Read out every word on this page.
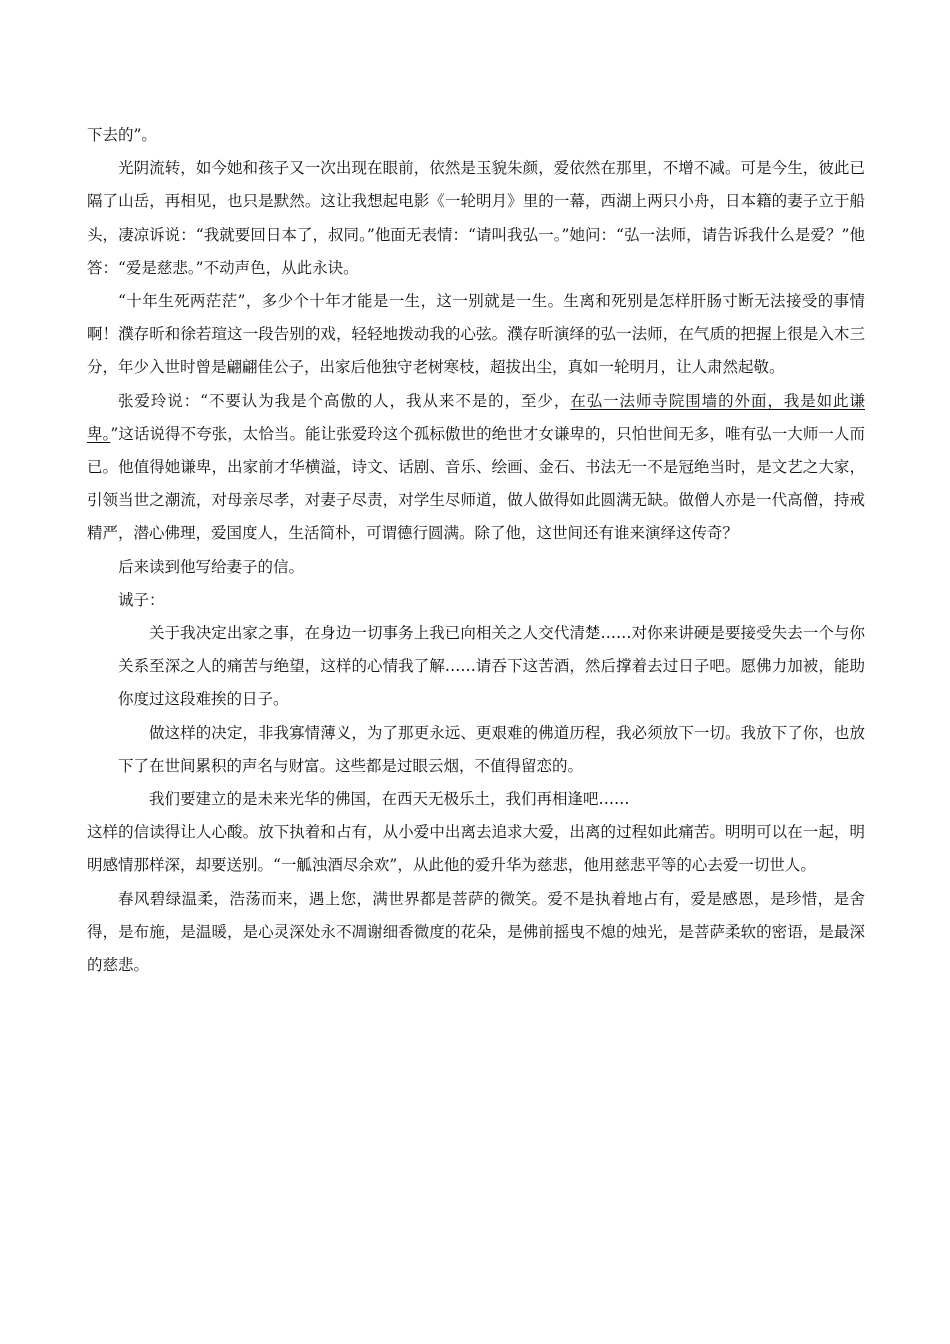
下去的”。

光阴流转，如今她和孩子又一次出现在眼前，依然是玉貌朱颜，爱依然在那里，不增不减。可是今生，彼此已隔了山岳，再相见，也只是默然。这让我想起电影《一轮明月》里的一幕，西湖上两只小舟，日本籍的妻子立于船头，凄凉诉说：“我就要回日本了，叔同。”他面无表情：“请叫我弘一。”她问：“弘一法师，请告诉我什么是爱？”他答：“爱是慈悲。”不动声色，从此永诀。

“十年生死两茫茫”，多少个十年才能是一生，这一别就是一生。生离和死别是怎样肝肠寸断无法接受的事情啊！濮存昕和徐若瑄这一段告别的戏，轻轻地拨动我的心弦。濮存昕演绎的弘一法师，在气质的把握上很是入木三分，年少入世时曾是翩翩佳公子，出家后他独守老树寒枝，超拔出尘，真如一轮明月，让人肃然起敬。

张爱玲说：“不要认为我是个高傲的人，我从来不是的，至少，在弘一法师寺院围墙的外面，我是如此谦卑。”这话说得不夸张，太恰当。能让张爱玲这个孤标傲世的绝世才女谦卑的，只怕世间无多，唯有弘一大师一人而已。他值得她谦卑，出家前才华横溢，诗文、话剧、音乐、绘画、金石、书法无一不是冠绝当时，是文艺之大家，引领当世之潮流，对母亲尽孝，对妻子尽责，对学生尽师道，做人做得如此圆满无缺。做僧人亦是一代高僧，持戒精严，潜心佛理，爱国度人，生活简朴，可谓德行圆满。除了他，这世间还有谁来演绎这传奇？

后来读到他写给妻子的信。

诚子：

关于我决定出家之事，在身边一切事务上我已向相关之人交代清楚……对你来讲硬是要接受失去一个与你关系至深之人的痛苦与绝望，这样的心情我了解……请吞下这苦酒，然后撑着去过日子吧。愿佛力加被，能助你度过这段难挨的日子。

做这样的决定，非我寡情薄义，为了那更永远、更艰难的佛道历程，我必须放下一切。我放下了你，也放下了在世间累积的声名与财富。这些都是过眼云烟，不值得留恋的。

我们要建立的是未来光华的佛国，在西天无极乐土，我们再相逢吧……

这样的信读得让人心酸。放下执着和占有，从小爱中出离去追求大爱，出离的过程如此痛苦。明明可以在一起，明明感情那样深，却要送别。“一觚浊酒尽余欢”，从此他的爱升华为慈悲，他用慈悲平等的心去爱一切世人。

春风碧绿温柔，浩荡而来，遇上您，满世界都是菩萨的微笑。爱不是执着地占有，爱是感恩，是珍惜，是舍得，是布施，是温暖，是心灵深处永不凋谢细香微度的花朵，是佛前摇曳不熄的烛光，是菩萨柔软的密语，是最深的慈悲。
